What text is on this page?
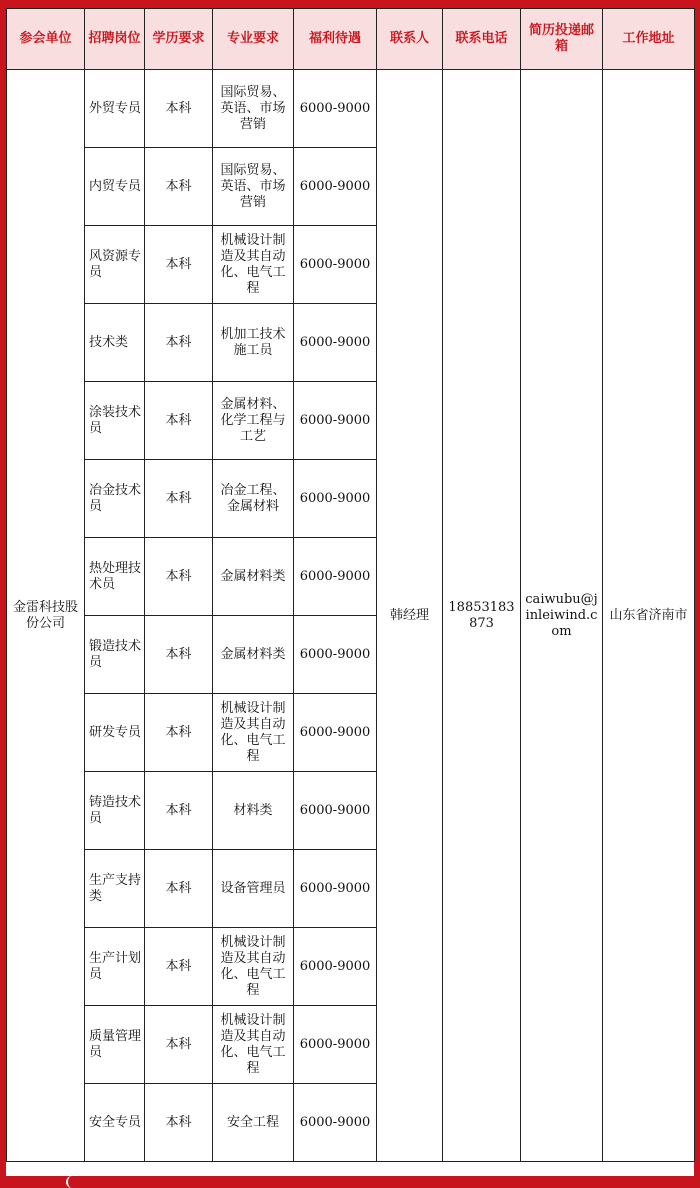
参会单位	招聘岗位	学历要求	专业要求	福利待遇	联系人	联系电话	简历投递邮箱	工作地址
金雷科技股份公司	外贸专员	本科	国际贸易、英语、市场营销	6000-9000	韩经理	18853183873	caiwubu@jinleiwind.com	山东省济南市
	内贸专员	本科	国际贸易、英语、市场营销	6000-9000				
	风资源专员	本科	机械设计制造及其自动化、电气工程	6000-9000				
	技术类	本科	机加工技术施工员	6000-9000				
	涂装技术员	本科	金属材料、化学工程与工艺	6000-9000				
	冶金技术员	本科	冶金工程、金属材料	6000-9000				
	热处理技术员	本科	金属材料类	6000-9000				
	锻造技术员	本科	金属材料类	6000-9000				
	研发专员	本科	机械设计制造及其自动化、电气工程	6000-9000				
	铸造技术员	本科	材料类	6000-9000				
	生产支持类	本科	设备管理员	6000-9000				
	生产计划员	本科	机械设计制造及其自动化、电气工程	6000-9000				
	质量管理员	本科	机械设计制造及其自动化、电气工程	6000-9000				
	安全专员	本科	安全工程	6000-9000				
